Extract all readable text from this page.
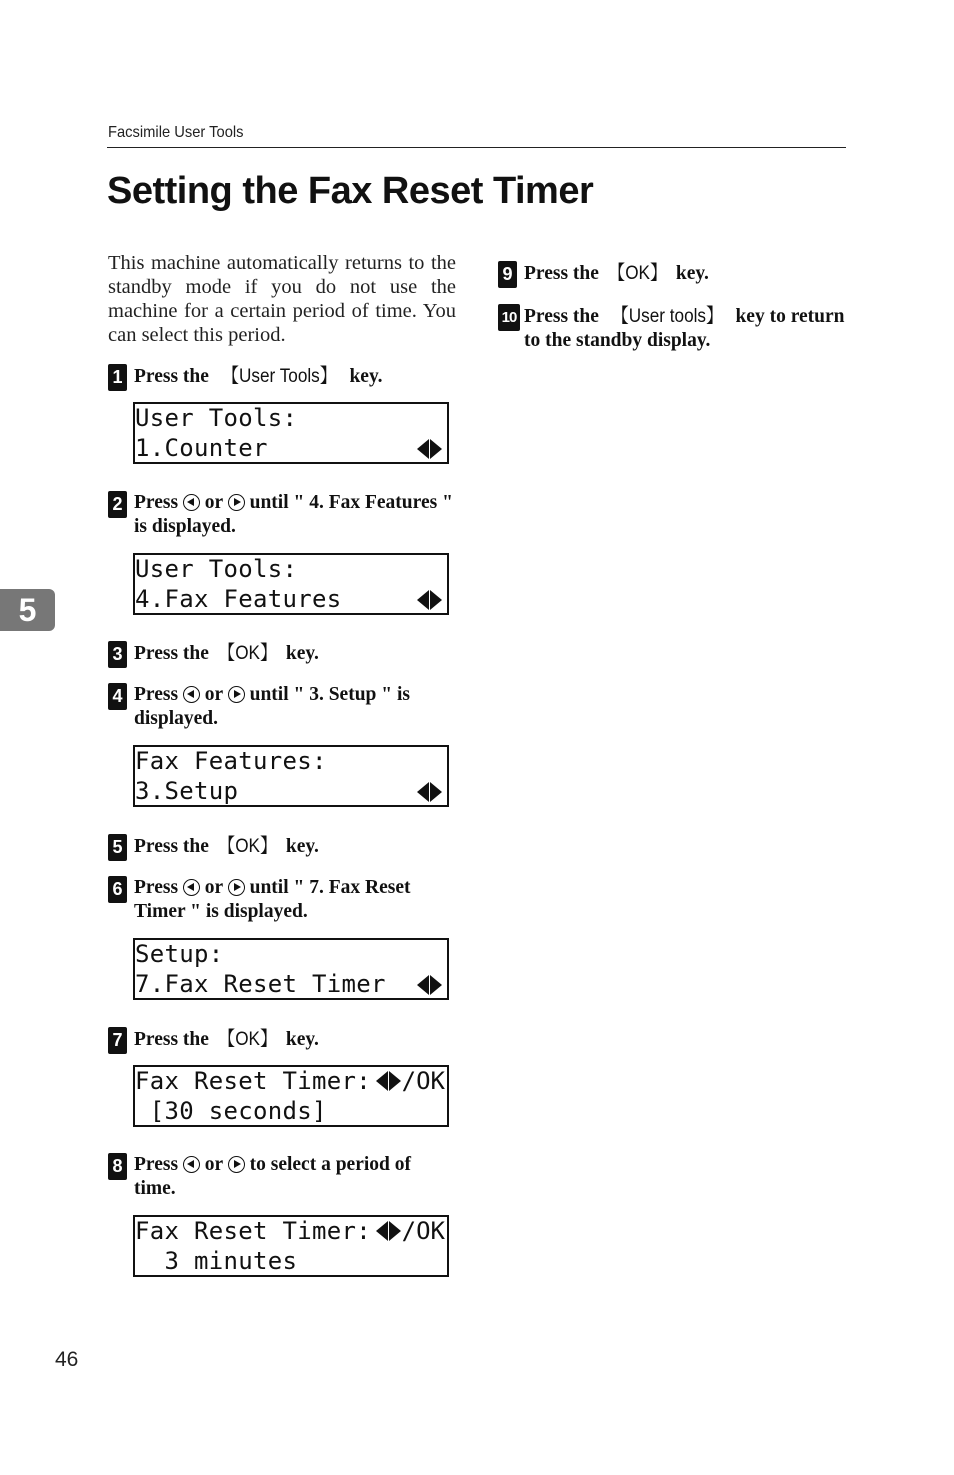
Facsimile User Tools
Setting the Fax Reset Timer
This machine automatically returns to the standby mode if you do not use the machine for a certain period of time. You can select this period.
5
1 Press the 【User Tools】 key.
User Tools:
1.Counter
2 Press  or  until " 4. Fax Features " is displayed.
User Tools:
4.Fax Features
3 Press the 【OK】 key.
4 Press  or  until " 3. Setup " is displayed.
Fax Features:
3.Setup
5 Press the 【OK】 key.
6 Press  or  until " 7. Fax Reset Timer " is displayed.
Setup:
7.Fax Reset Timer
7 Press the 【OK】 key.
Fax Reset Timer:	/OK
[30 seconds]
8 Press  or  to select a period of time.
Fax Reset Timer:	/OK
3 minutes
9 Press the 【OK】 key.
10 Press the 【User tools】 key to return to the standby display.
46
